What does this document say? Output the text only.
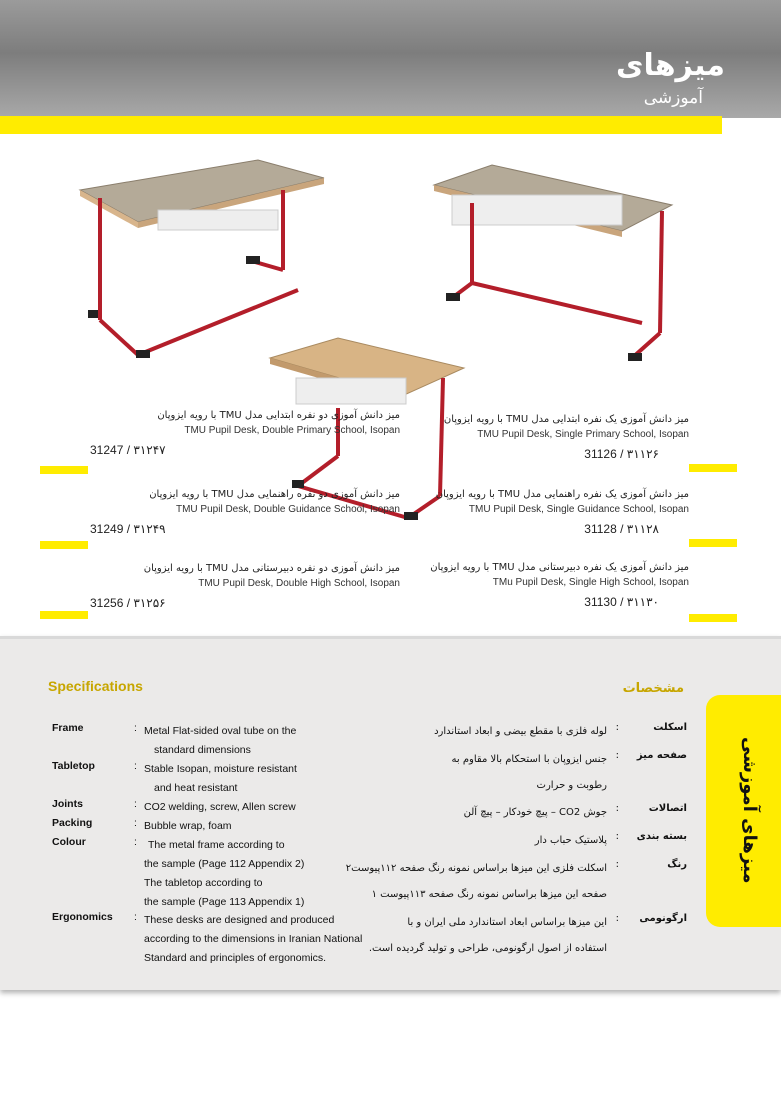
میزهای
آموزشی
میز دانش آموزی دو نفره ابتدایی مدل TMU با رویه ایزوپان
TMU Pupil Desk, Double Primary School, Isopan
31247 / ۳۱۲۴۷
میز دانش آموزی دو نفره راهنمایی مدل TMU با رویه ایزوپان
TMU Pupil Desk, Double Guidance School, Isopan
31249 / ۳۱۲۴۹
میز دانش آموزی دو نفره دبیرستانی مدل TMU با رویه ایزوپان
TMU Pupil Desk, Double High School, Isopan
31256 / ۳۱۲۵۶
میز دانش آموزی یک نفره ابتدایی مدل TMU با رویه ایزوپان
TMU Pupil Desk, Single Primary School, Isopan
31126 / ۳۱۱۲۶
میز دانش آموزی یک نفره راهنمایی مدل TMU با رویه ایزوپان
TMU Pupil Desk, Single Guidance School, Isopan
31128 / ۳۱۱۲۸
میز دانش آموزی یک نفره دبیرستانی مدل TMU با رویه ایزوپان
TMu Pupil Desk, Single High School, Isopan
31130 / ۳۱۱۳۰
Specifications	مشخصات
میزهای آموزشی
Frame	: Metal Flat-sided oval tube on the
standard dimensions
Tabletop	: Stable Isopan, moisture resistant
and heat resistant
Joints	: CO2 welding, screw, Allen screw
Packing	: Bubble wrap, foam
Colour	:	The metal frame according to
the sample (Page 112 Appendix 2)
The tabletop according to
the sample (Page 113 Appendix 1)
Ergonomics	: These desks are designed and produced
according to the dimensions in Iranian National
Standard and principles of ergonomics.
اسکلت
:
لوله فلزی با مقطع بیضی و ابعاد استاندارد
صفحه میز
:
جنس ایزوپان با استحکام بالا مقاوم به
رطوبت و حرارت
اتصالات
:
جوش CO2 – پیچ خودکار – پیچ آلن
بسته بندی
:
پلاستیک حباب دار
رنگ
:
اسکلت فلزی این میزها براساس نمونه رنگ صفحه ۱۱۲پیوست۲
صفحه این میزها براساس نمونه رنگ صفحه ۱۱۳پیوست ۱
ارگونومی
:
این میزها براساس ابعاد استاندارد ملی ایران و با
استفاده از اصول ارگونومی، طراحی و تولید گردیده است.
